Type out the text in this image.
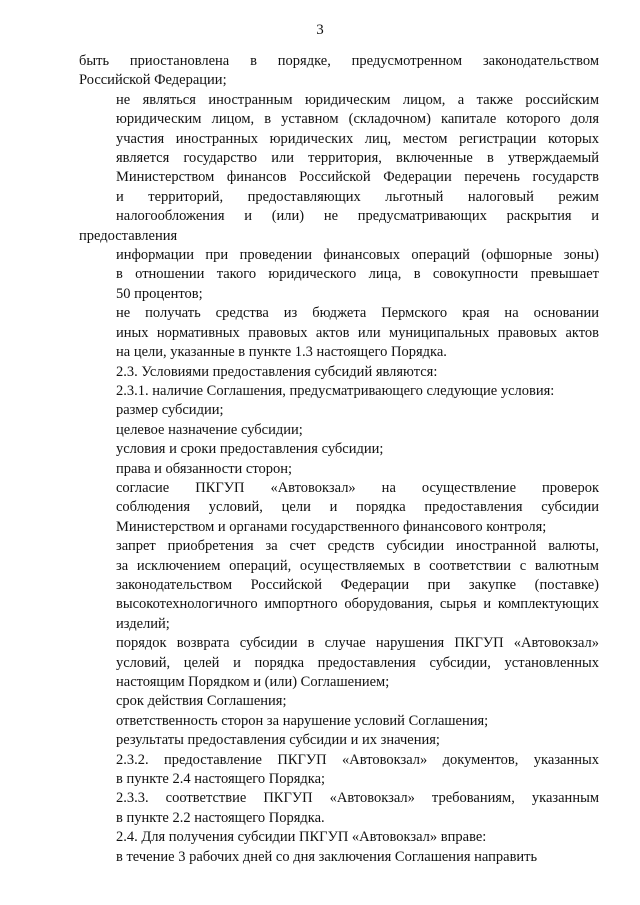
3
быть приостановлена в порядке, предусмотренном законодательством
Российской Федерации;
не являться иностранным юридическим лицом, а также российским
юридическим лицом, в уставном (складочном) капитале которого доля
участия иностранных юридических лиц, местом регистрации которых
является государство или территория, включенные в утверждаемый
Министерством финансов Российской Федерации перечень государств
и территорий, предоставляющих льготный налоговый режим
налогообложения и (или) не предусматривающих раскрытия и предоставления
информации при проведении финансовых операций (офшорные зоны)
в отношении такого юридического лица, в совокупности превышает
50 процентов;
не получать средства из бюджета Пермского края на основании
иных нормативных правовых актов или муниципальных правовых актов
на цели, указанные в пункте 1.3 настоящего Порядка.
2.3. Условиями предоставления субсидий являются:
2.3.1. наличие Соглашения, предусматривающего следующие условия:
размер субсидии;
целевое назначение субсидии;
условия и сроки предоставления субсидии;
права и обязанности сторон;
согласие ПКГУП «Автовокзал» на осуществление проверок
соблюдения условий, цели и порядка предоставления субсидии
Министерством и органами государственного финансового контроля;
запрет приобретения за счет средств субсидии иностранной валюты,
за исключением операций, осуществляемых в соответствии с валютным
законодательством Российской Федерации при закупке (поставке)
высокотехнологичного импортного оборудования, сырья и комплектующих
изделий;
порядок возврата субсидии в случае нарушения ПКГУП «Автовокзал»
условий, целей и порядка предоставления субсидии, установленных
настоящим Порядком и (или) Соглашением;
срок действия Соглашения;
ответственность сторон за нарушение условий Соглашения;
результаты предоставления субсидии и их значения;
2.3.2. предоставление ПКГУП «Автовокзал» документов, указанных
в пункте 2.4 настоящего Порядка;
2.3.3. соответствие ПКГУП «Автовокзал» требованиям, указанным
в пункте 2.2 настоящего Порядка.
2.4. Для получения субсидии ПКГУП «Автовокзал» вправе:
в течение 3 рабочих дней со дня заключения Соглашения направить
